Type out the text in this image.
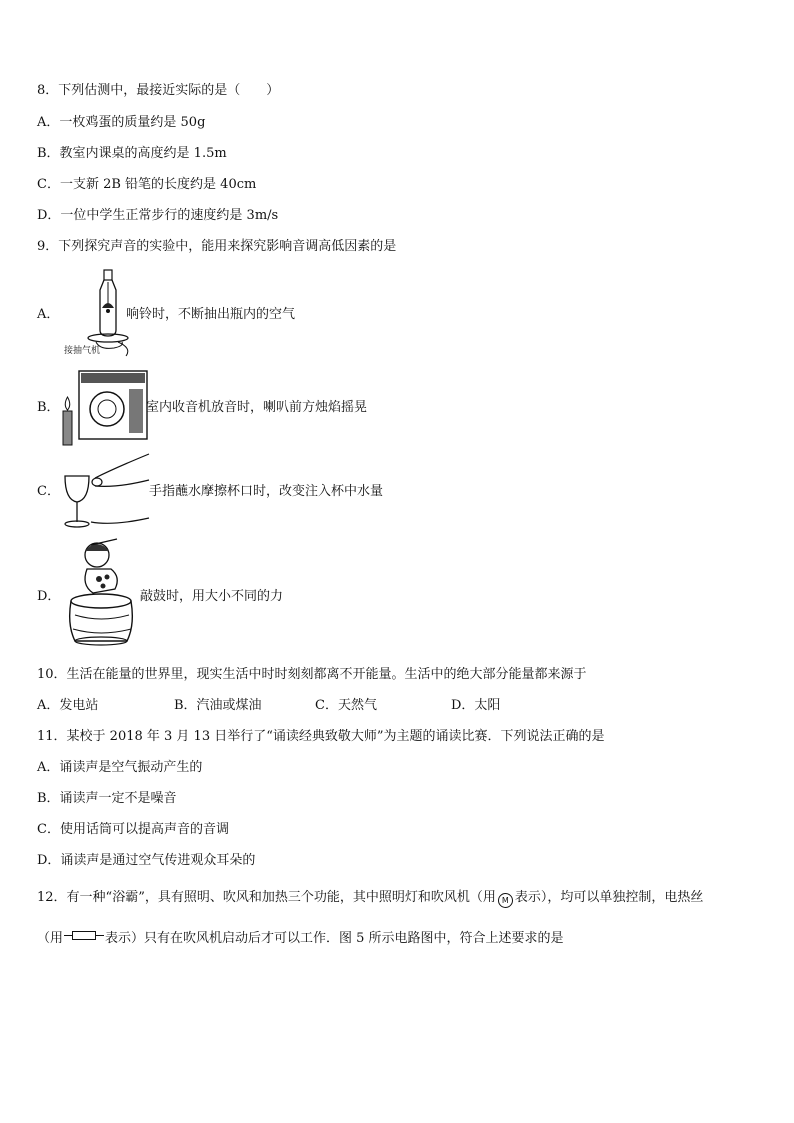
8．下列估测中，最接近实际的是（　　）
A．一枚鸡蛋的质量约是 50g
B．教室内课桌的高度约是 1.5m
C．一支新 2B 铅笔的长度约是 40cm
D．一位中学生正常步行的速度约是 3m/s
9．下列探究声音的实验中，能用来探究影响音调高低因素的是
A．
接抽气机
响铃时，不断抽出瓶内的空气
B．	室内收音机放音时，喇叭前方烛焰摇晃
C．	手指蘸水摩擦杯口时，改变注入杯中水量
D．	敲鼓时，用大小不同的力
10．生活在能量的世界里，现实生活中时时刻刻都离不开能量。生活中的绝大部分能量都来源于
A．发电站	B．汽油或煤油	C．天然气	D．太阳
11．某校于 2018 年 3 月 13 日举行了“诵读经典致敬大师”为主题的诵读比赛．下列说法正确的是
A．诵读声是空气振动产生的
B．诵读声一定不是噪音
C．使用话筒可以提高声音的音调
D．诵读声是通过空气传进观众耳朵的
12．有一种“浴霸”，具有照明、吹风和加热三个功能，其中照明灯和吹风机（用 M 表示），均可以单独控制，电热丝
（用	表示）只有在吹风机启动后才可以工作．图 5 所示电路图中，符合上述要求的是
